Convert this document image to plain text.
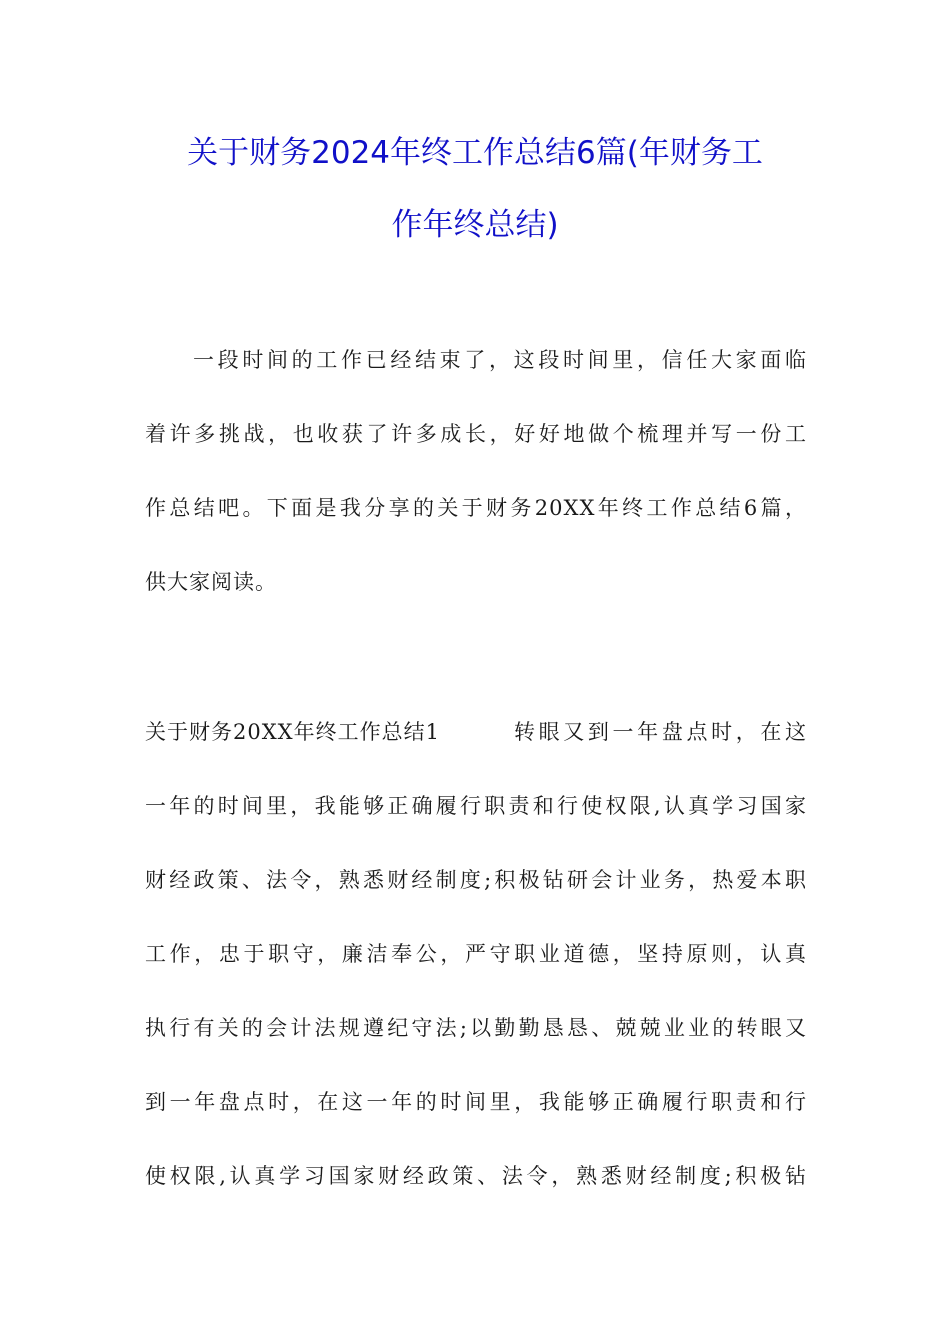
关于财务2024年终工作总结6篇(年财务工
作年终总结)
一段时间的工作已经结束了，这段时间里，信任大家面临
着许多挑战，也收获了许多成长，好好地做个梳理并写一份工
作总结吧。下面是我分享的关于财务20XX年终工作总结6篇，
供大家阅读。
关于财务20XX年终工作总结1	转眼又到一年盘点时，在这
一年的时间里，我能够正确履行职责和行使权限,认真学习国家
财经政策、法令，熟悉财经制度;积极钻研会计业务，热爱本职
工作，忠于职守，廉洁奉公，严守职业道德，坚持原则，认真
执行有关的会计法规遵纪守法;以勤勤恳恳、兢兢业业的转眼又
到一年盘点时，在这一年的时间里，我能够正确履行职责和行
使权限,认真学习国家财经政策、法令，熟悉财经制度;积极钻
